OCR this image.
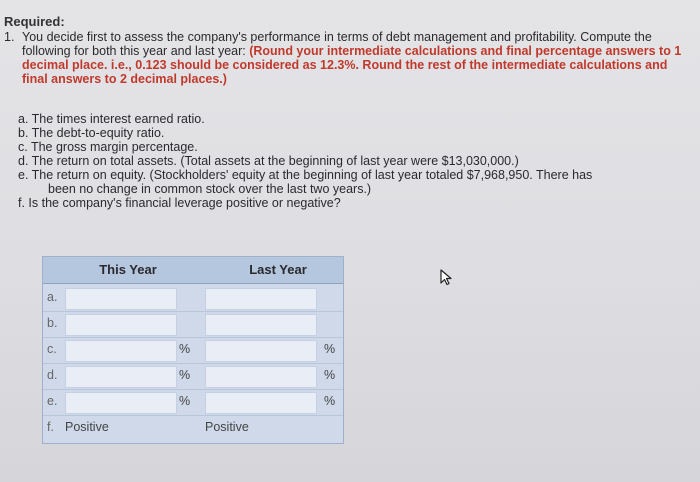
Required:
1. You decide first to assess the company's performance in terms of debt management and profitability. Compute the following for both this year and last year: (Round your intermediate calculations and final percentage answers to 1 decimal place. i.e., 0.123 should be considered as 12.3%. Round the rest of the intermediate calculations and final answers to 2 decimal places.)
a. The times interest earned ratio.
b. The debt-to-equity ratio.
c. The gross margin percentage.
d. The return on total assets. (Total assets at the beginning of last year were $13,030,000.)
e. The return on equity. (Stockholders' equity at the beginning of last year totaled $7,968,950. There has
been no change in common stock over the last two years.)
f. Is the company's financial leverage positive or negative?
This Year	Last Year
a.
b.
c.	%	%
d.	%	%
e.	%	%
f. Positive	Positive
